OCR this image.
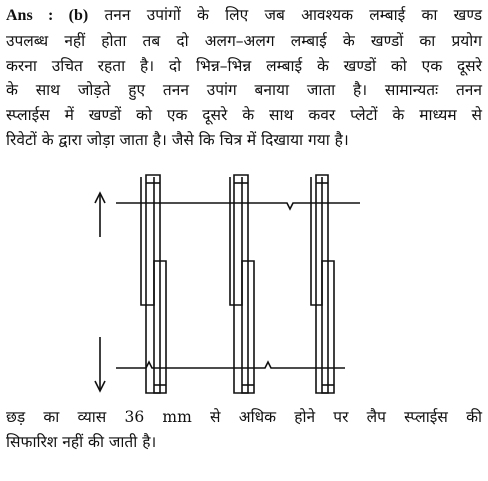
Ans : (b) तनन उपांगों के लिए जब आवश्यक लम्बाई का खण्ड
उपलब्ध नहीं होता तब दो अलग–अलग लम्बाई के खण्डों का प्रयोग
करना उचित रहता है। दो भिन्न–भिन्न लम्बाई के खण्डों को एक दूसरे
के साथ जोड़ते हुए तनन उपांग बनाया जाता है। सामान्यतः तनन
स्प्लाईस में खण्डों को एक दूसरे के साथ कवर प्लेटों के माध्यम से
रिवेटों के द्वारा जोड़ा जाता है। जैसे कि चित्र में दिखाया गया है।

छड़ का व्यास 36 mm से अधिक होने पर लैप स्प्लाईस की
सिफारिश नहीं की जाती है।
